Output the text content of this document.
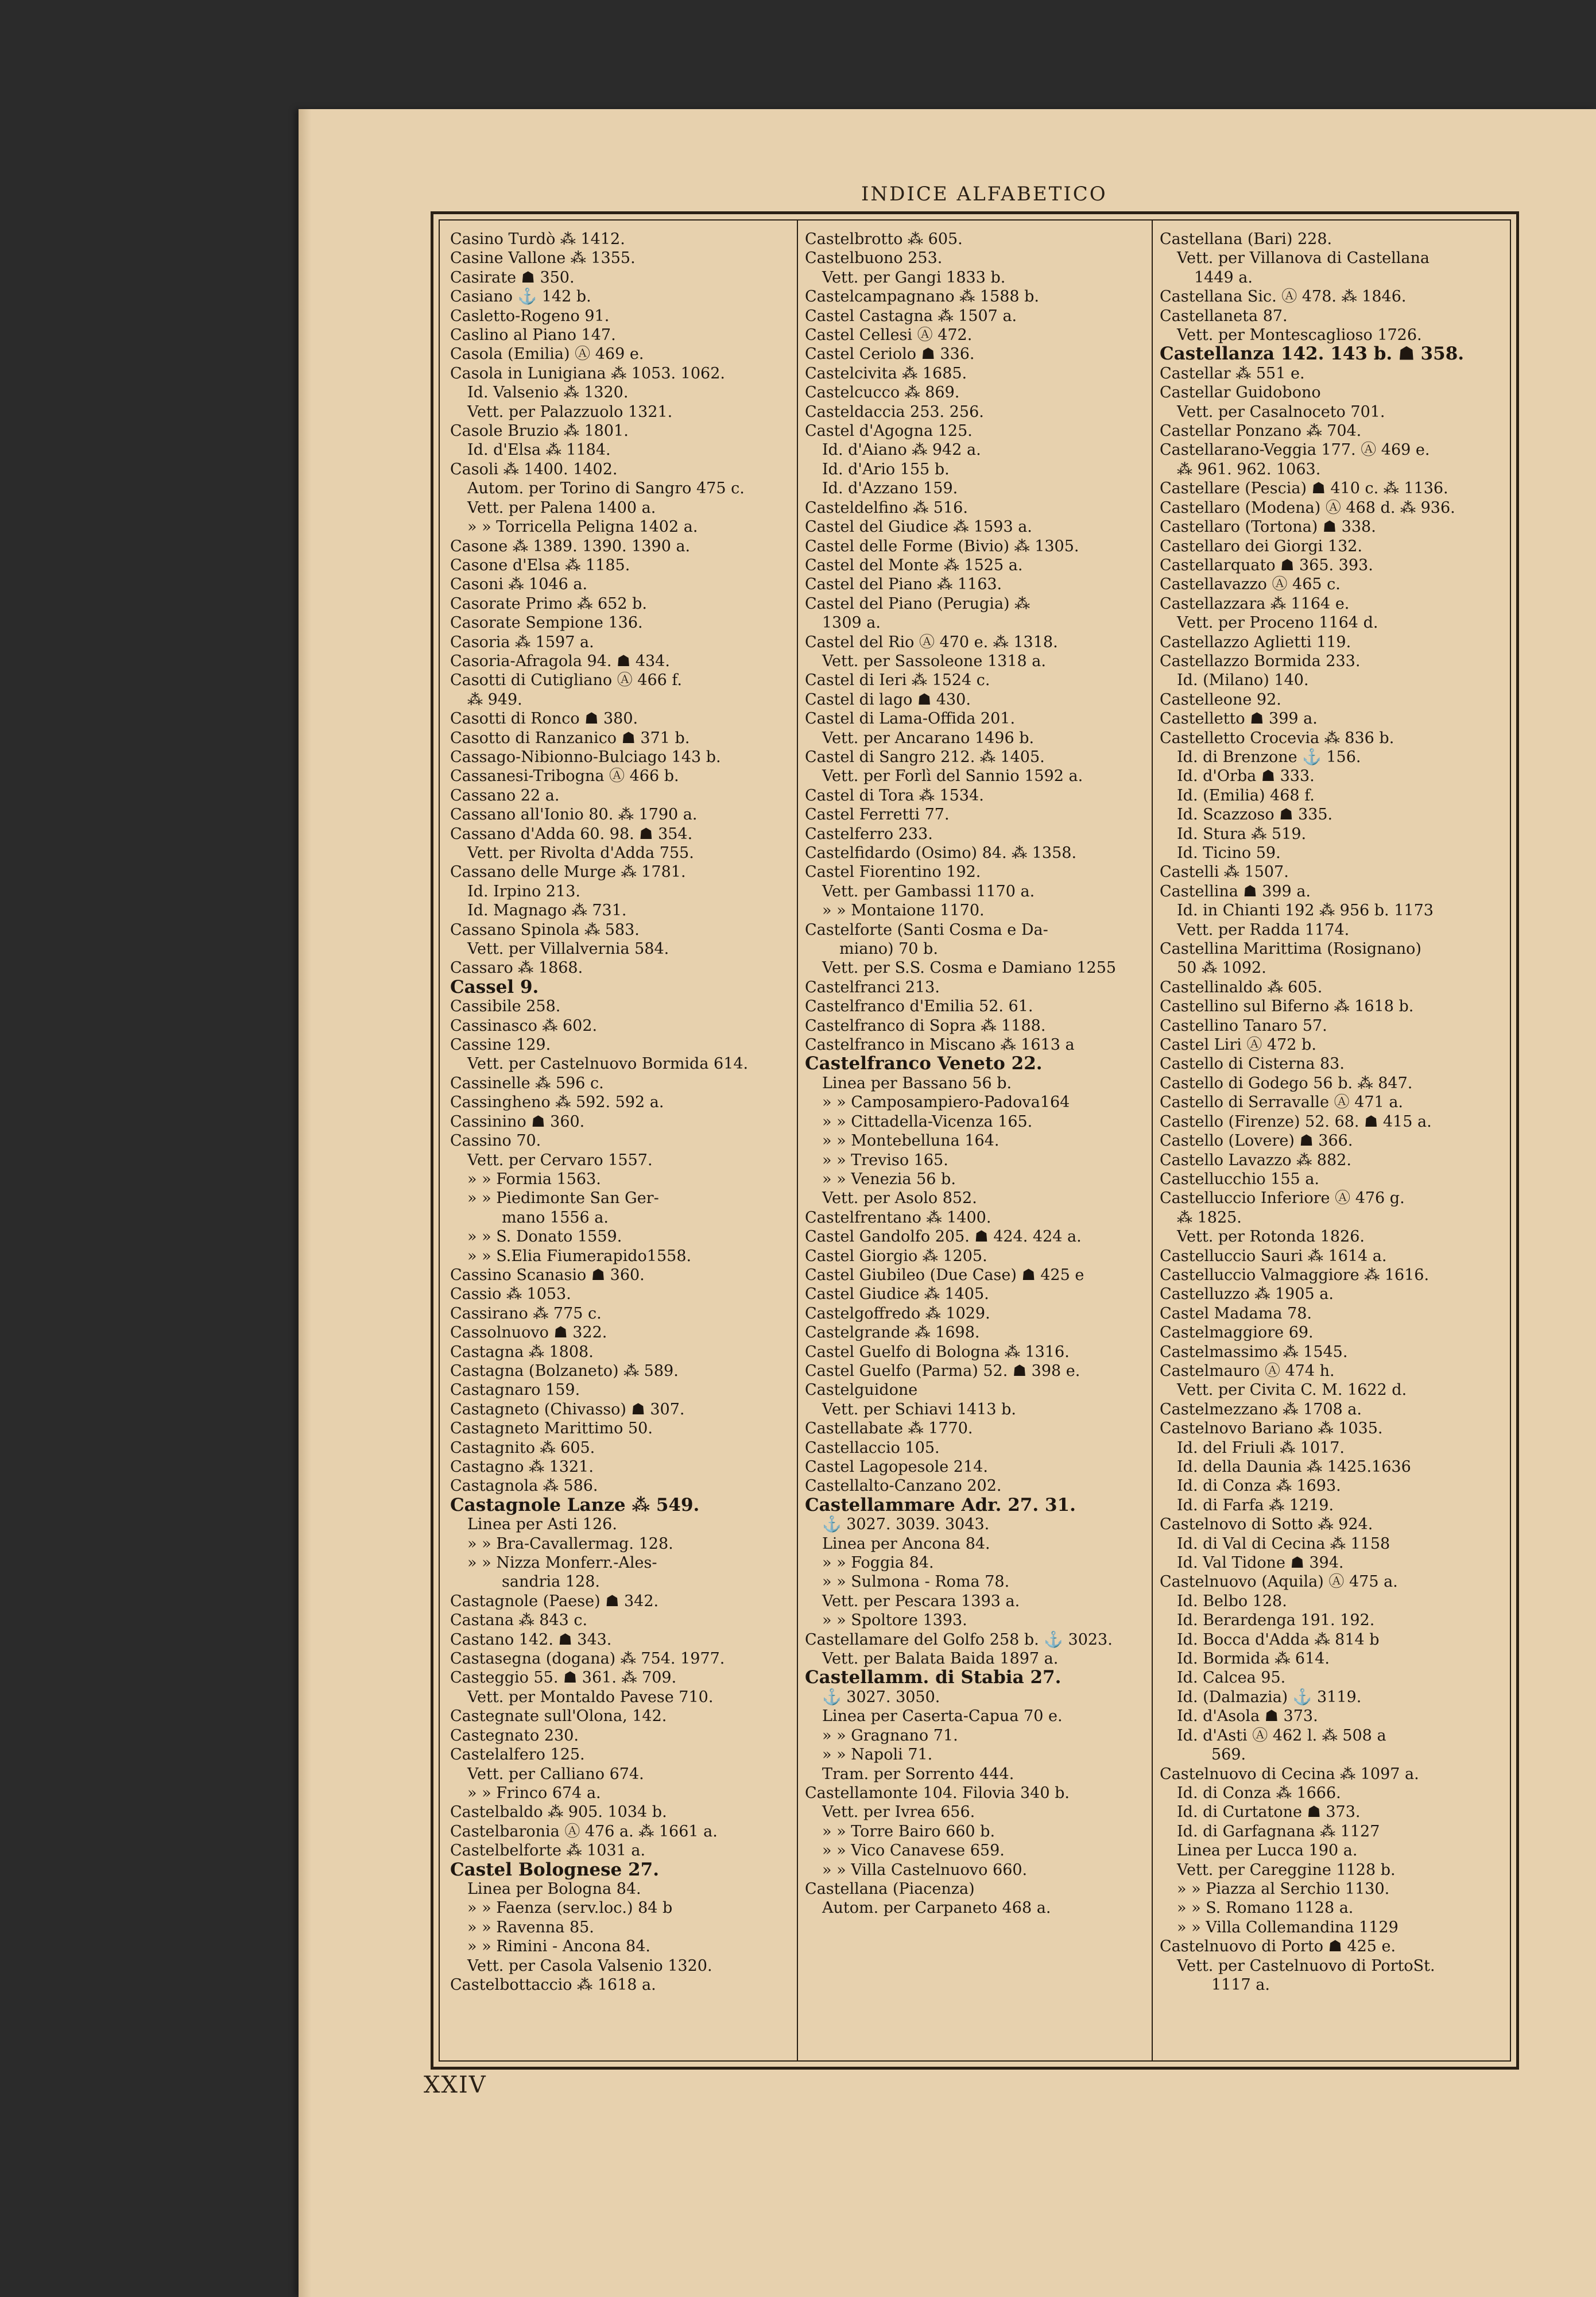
INDICE ALFABETICO
Casino Turdò ⁂ 1412.
Casine Vallone ⁂ 1355.
Casirate ☗ 350.
Casiano ⚓ 142 b.
Casletto-Rogeno 91.
Caslino al Piano 147.
Casola (Emilia) Ⓐ 469 e.
Casola in Lunigiana ⁂ 1053. 1062.
Id. Valsenio ⁂ 1320.
Vett. per Palazzuolo 1321.
Casole Bruzio ⁂ 1801.
Id. d'Elsa ⁂ 1184.
Casoli ⁂ 1400. 1402.
Autom. per Torino di Sangro 475 c.
Vett. per Palena 1400 a.
» » Torricella Peligna 1402 a.
Casone ⁂ 1389. 1390. 1390 a.
Casone d'Elsa ⁂ 1185.
Casoni ⁂ 1046 a.
Casorate Primo ⁂ 652 b.
Casorate Sempione 136.
Casoria ⁂ 1597 a.
Casoria-Afragola 94. ☗ 434.
Casotti di Cutigliano Ⓐ 466 f.
⁂ 949.
Casotti di Ronco ☗ 380.
Casotto di Ranzanico ☗ 371 b.
Cassago-Nibionno-Bulciago 143 b.
Cassanesi-Tribogna Ⓐ 466 b.
Cassano 22 a.
Cassano all'Ionio 80. ⁂ 1790 a.
Cassano d'Adda 60. 98. ☗ 354.
Vett. per Rivolta d'Adda 755.
Cassano delle Murge ⁂ 1781.
Id. Irpino 213.
Id. Magnago ⁂ 731.
Cassano Spinola ⁂ 583.
Vett. per Villalvernia 584.
Cassaro ⁂ 1868.
Cassel 9.
Cassibile 258.
Cassinasco ⁂ 602.
Cassine 129.
Vett. per Castelnuovo Bormida 614.
Cassinelle ⁂ 596 c.
Cassingheno ⁂ 592. 592 a.
Cassinino ☗ 360.
Cassino 70.
Vett. per Cervaro 1557.
» » Formia 1563.
» » Piedimonte San Ger-
mano 1556 a.
» » S. Donato 1559.
» » S.Elia Fiumerapido1558.
Cassino Scanasio ☗ 360.
Cassio ⁂ 1053.
Cassirano ⁂ 775 c.
Cassolnuovo ☗ 322.
Castagna ⁂ 1808.
Castagna (Bolzaneto) ⁂ 589.
Castagnaro 159.
Castagneto (Chivasso) ☗ 307.
Castagneto Marittimo 50.
Castagnito ⁂ 605.
Castagno ⁂ 1321.
Castagnola ⁂ 586.
Castagnole Lanze ⁂ 549.
Linea per Asti 126.
» » Bra-Cavallermag. 128.
» » Nizza Monferr.-Ales-
sandria 128.
Castagnole (Paese) ☗ 342.
Castana ⁂ 843 c.
Castano 142. ☗ 343.
Castasegna (dogana) ⁂ 754. 1977.
Casteggio 55. ☗ 361. ⁂ 709.
Vett. per Montaldo Pavese 710.
Castegnate sull'Olona, 142.
Castegnato 230.
Castelalfero 125.
Vett. per Calliano 674.
» » Frinco 674 a.
Castelbaldo ⁂ 905. 1034 b.
Castelbaronia Ⓐ 476 a. ⁂ 1661 a.
Castelbelforte ⁂ 1031 a.
Castel Bolognese 27.
Linea per Bologna 84.
» » Faenza (serv.loc.) 84 b
» » Ravenna 85.
» » Rimini - Ancona 84.
Vett. per Casola Valsenio 1320.
Castelbottaccio ⁂ 1618 a.
Castelbrotto ⁂ 605.
Castelbuono 253.
Vett. per Gangi 1833 b.
Castelcampagnano ⁂ 1588 b.
Castel Castagna ⁂ 1507 a.
Castel Cellesi Ⓐ 472.
Castel Ceriolo ☗ 336.
Castelcivita ⁂ 1685.
Castelcucco ⁂ 869.
Casteldaccia 253. 256.
Castel d'Agogna 125.
Id. d'Aiano ⁂ 942 a.
Id. d'Ario 155 b.
Id. d'Azzano 159.
Casteldelfino ⁂ 516.
Castel del Giudice ⁂ 1593 a.
Castel delle Forme (Bivio) ⁂ 1305.
Castel del Monte ⁂ 1525 a.
Castel del Piano ⁂ 1163.
Castel del Piano (Perugia) ⁂
1309 a.
Castel del Rio Ⓐ 470 e. ⁂ 1318.
Vett. per Sassoleone 1318 a.
Castel di Ieri ⁂ 1524 c.
Castel di lago ☗ 430.
Castel di Lama-Offida 201.
Vett. per Ancarano 1496 b.
Castel di Sangro 212. ⁂ 1405.
Vett. per Forlì del Sannio 1592 a.
Castel di Tora ⁂ 1534.
Castel Ferretti 77.
Castelferro 233.
Castelfidardo (Osimo) 84. ⁂ 1358.
Castel Fiorentino 192.
Vett. per Gambassi 1170 a.
» » Montaione 1170.
Castelforte (Santi Cosma e Da-
miano) 70 b.
Vett. per S.S. Cosma e Damiano 1255
Castelfranci 213.
Castelfranco d'Emilia 52. 61.
Castelfranco di Sopra ⁂ 1188.
Castelfranco in Miscano ⁂ 1613 a
Castelfranco Veneto 22.
Linea per Bassano 56 b.
» » Camposampiero-Padova164
» » Cittadella-Vicenza 165.
» » Montebelluna 164.
» » Treviso 165.
» » Venezia 56 b.
Vett. per Asolo 852.
Castelfrentano ⁂ 1400.
Castel Gandolfo 205. ☗ 424. 424 a.
Castel Giorgio ⁂ 1205.
Castel Giubileo (Due Case) ☗ 425 e
Castel Giudice ⁂ 1405.
Castelgoffredo ⁂ 1029.
Castelgrande ⁂ 1698.
Castel Guelfo di Bologna ⁂ 1316.
Castel Guelfo (Parma) 52. ☗ 398 e.
Castelguidone
Vett. per Schiavi 1413 b.
Castellabate ⁂ 1770.
Castellaccio 105.
Castel Lagopesole 214.
Castellalto-Canzano 202.
Castellammare Adr. 27. 31.
⚓ 3027. 3039. 3043.
Linea per Ancona 84.
» » Foggia 84.
» » Sulmona - Roma 78.
Vett. per Pescara 1393 a.
» » Spoltore 1393.
Castellamare del Golfo 258 b. ⚓ 3023.
Vett. per Balata Baida 1897 a.
Castellamm. di Stabia 27.
⚓ 3027. 3050.
Linea per Caserta-Capua 70 e.
» » Gragnano 71.
» » Napoli 71.
Tram. per Sorrento 444.
Castellamonte 104. Filovia 340 b.
Vett. per Ivrea 656.
» » Torre Bairo 660 b.
» » Vico Canavese 659.
» » Villa Castelnuovo 660.
Castellana (Piacenza)
Autom. per Carpaneto 468 a.
Castellana (Bari) 228.
Vett. per Villanova di Castellana
1449 a.
Castellana Sic. Ⓐ 478. ⁂ 1846.
Castellaneta 87.
Vett. per Montescaglioso 1726.
Castellanza 142. 143 b. ☗ 358.
Castellar ⁂ 551 e.
Castellar Guidobono
Vett. per Casalnoceto 701.
Castellar Ponzano ⁂ 704.
Castellarano-Veggia 177. Ⓐ 469 e.
⁂ 961. 962. 1063.
Castellare (Pescia) ☗ 410 c. ⁂ 1136.
Castellaro (Modena) Ⓐ 468 d. ⁂ 936.
Castellaro (Tortona) ☗ 338.
Castellaro dei Giorgi 132.
Castellarquato ☗ 365. 393.
Castellavazzo Ⓐ 465 c.
Castellazzara ⁂ 1164 e.
Vett. per Proceno 1164 d.
Castellazzo Aglietti 119.
Castellazzo Bormida 233.
Id. (Milano) 140.
Castelleone 92.
Castelletto ☗ 399 a.
Castelletto Crocevia ⁂ 836 b.
Id. di Brenzone ⚓ 156.
Id. d'Orba ☗ 333.
Id. (Emilia) 468 f.
Id. Scazzoso ☗ 335.
Id. Stura ⁂ 519.
Id. Ticino 59.
Castelli ⁂ 1507.
Castellina ☗ 399 a.
Id. in Chianti 192 ⁂ 956 b. 1173
Vett. per Radda 1174.
Castellina Marittima (Rosignano)
50 ⁂ 1092.
Castellinaldo ⁂ 605.
Castellino sul Biferno ⁂ 1618 b.
Castellino Tanaro 57.
Castel Liri Ⓐ 472 b.
Castello di Cisterna 83.
Castello di Godego 56 b. ⁂ 847.
Castello di Serravalle Ⓐ 471 a.
Castello (Firenze) 52. 68. ☗ 415 a.
Castello (Lovere) ☗ 366.
Castello Lavazzo ⁂ 882.
Castellucchio 155 a.
Castelluccio Inferiore Ⓐ 476 g.
⁂ 1825.
Vett. per Rotonda 1826.
Castelluccio Sauri ⁂ 1614 a.
Castelluccio Valmaggiore ⁂ 1616.
Castelluzzo ⁂ 1905 a.
Castel Madama 78.
Castelmaggiore 69.
Castelmassimo ⁂ 1545.
Castelmauro Ⓐ 474 h.
Vett. per Civita C. M. 1622 d.
Castelmezzano ⁂ 1708 a.
Castelnovo Bariano ⁂ 1035.
Id. del Friuli ⁂ 1017.
Id. della Daunia ⁂ 1425.1636
Id. di Conza ⁂ 1693.
Id. di Farfa ⁂ 1219.
Castelnovo di Sotto ⁂ 924.
Id. di Val di Cecina ⁂ 1158
Id. Val Tidone ☗ 394.
Castelnuovo (Aquila) Ⓐ 475 a.
Id. Belbo 128.
Id. Berardenga 191. 192.
Id. Bocca d'Adda ⁂ 814 b
Id. Bormida ⁂ 614.
Id. Calcea 95.
Id. (Dalmazia) ⚓ 3119.
Id. d'Asola ☗ 373.
Id. d'Asti Ⓐ 462 l. ⁂ 508 a
569.
Castelnuovo di Cecina ⁂ 1097 a.
Id. di Conza ⁂ 1666.
Id. di Curtatone ☗ 373.
Id. di Garfagnana ⁂ 1127
Linea per Lucca 190 a.
Vett. per Careggine 1128 b.
» » Piazza al Serchio 1130.
» » S. Romano 1128 a.
» » Villa Collemandina 1129
Castelnuovo di Porto ☗ 425 e.
Vett. per Castelnuovo di PortoSt.
1117 a.
XXIV
